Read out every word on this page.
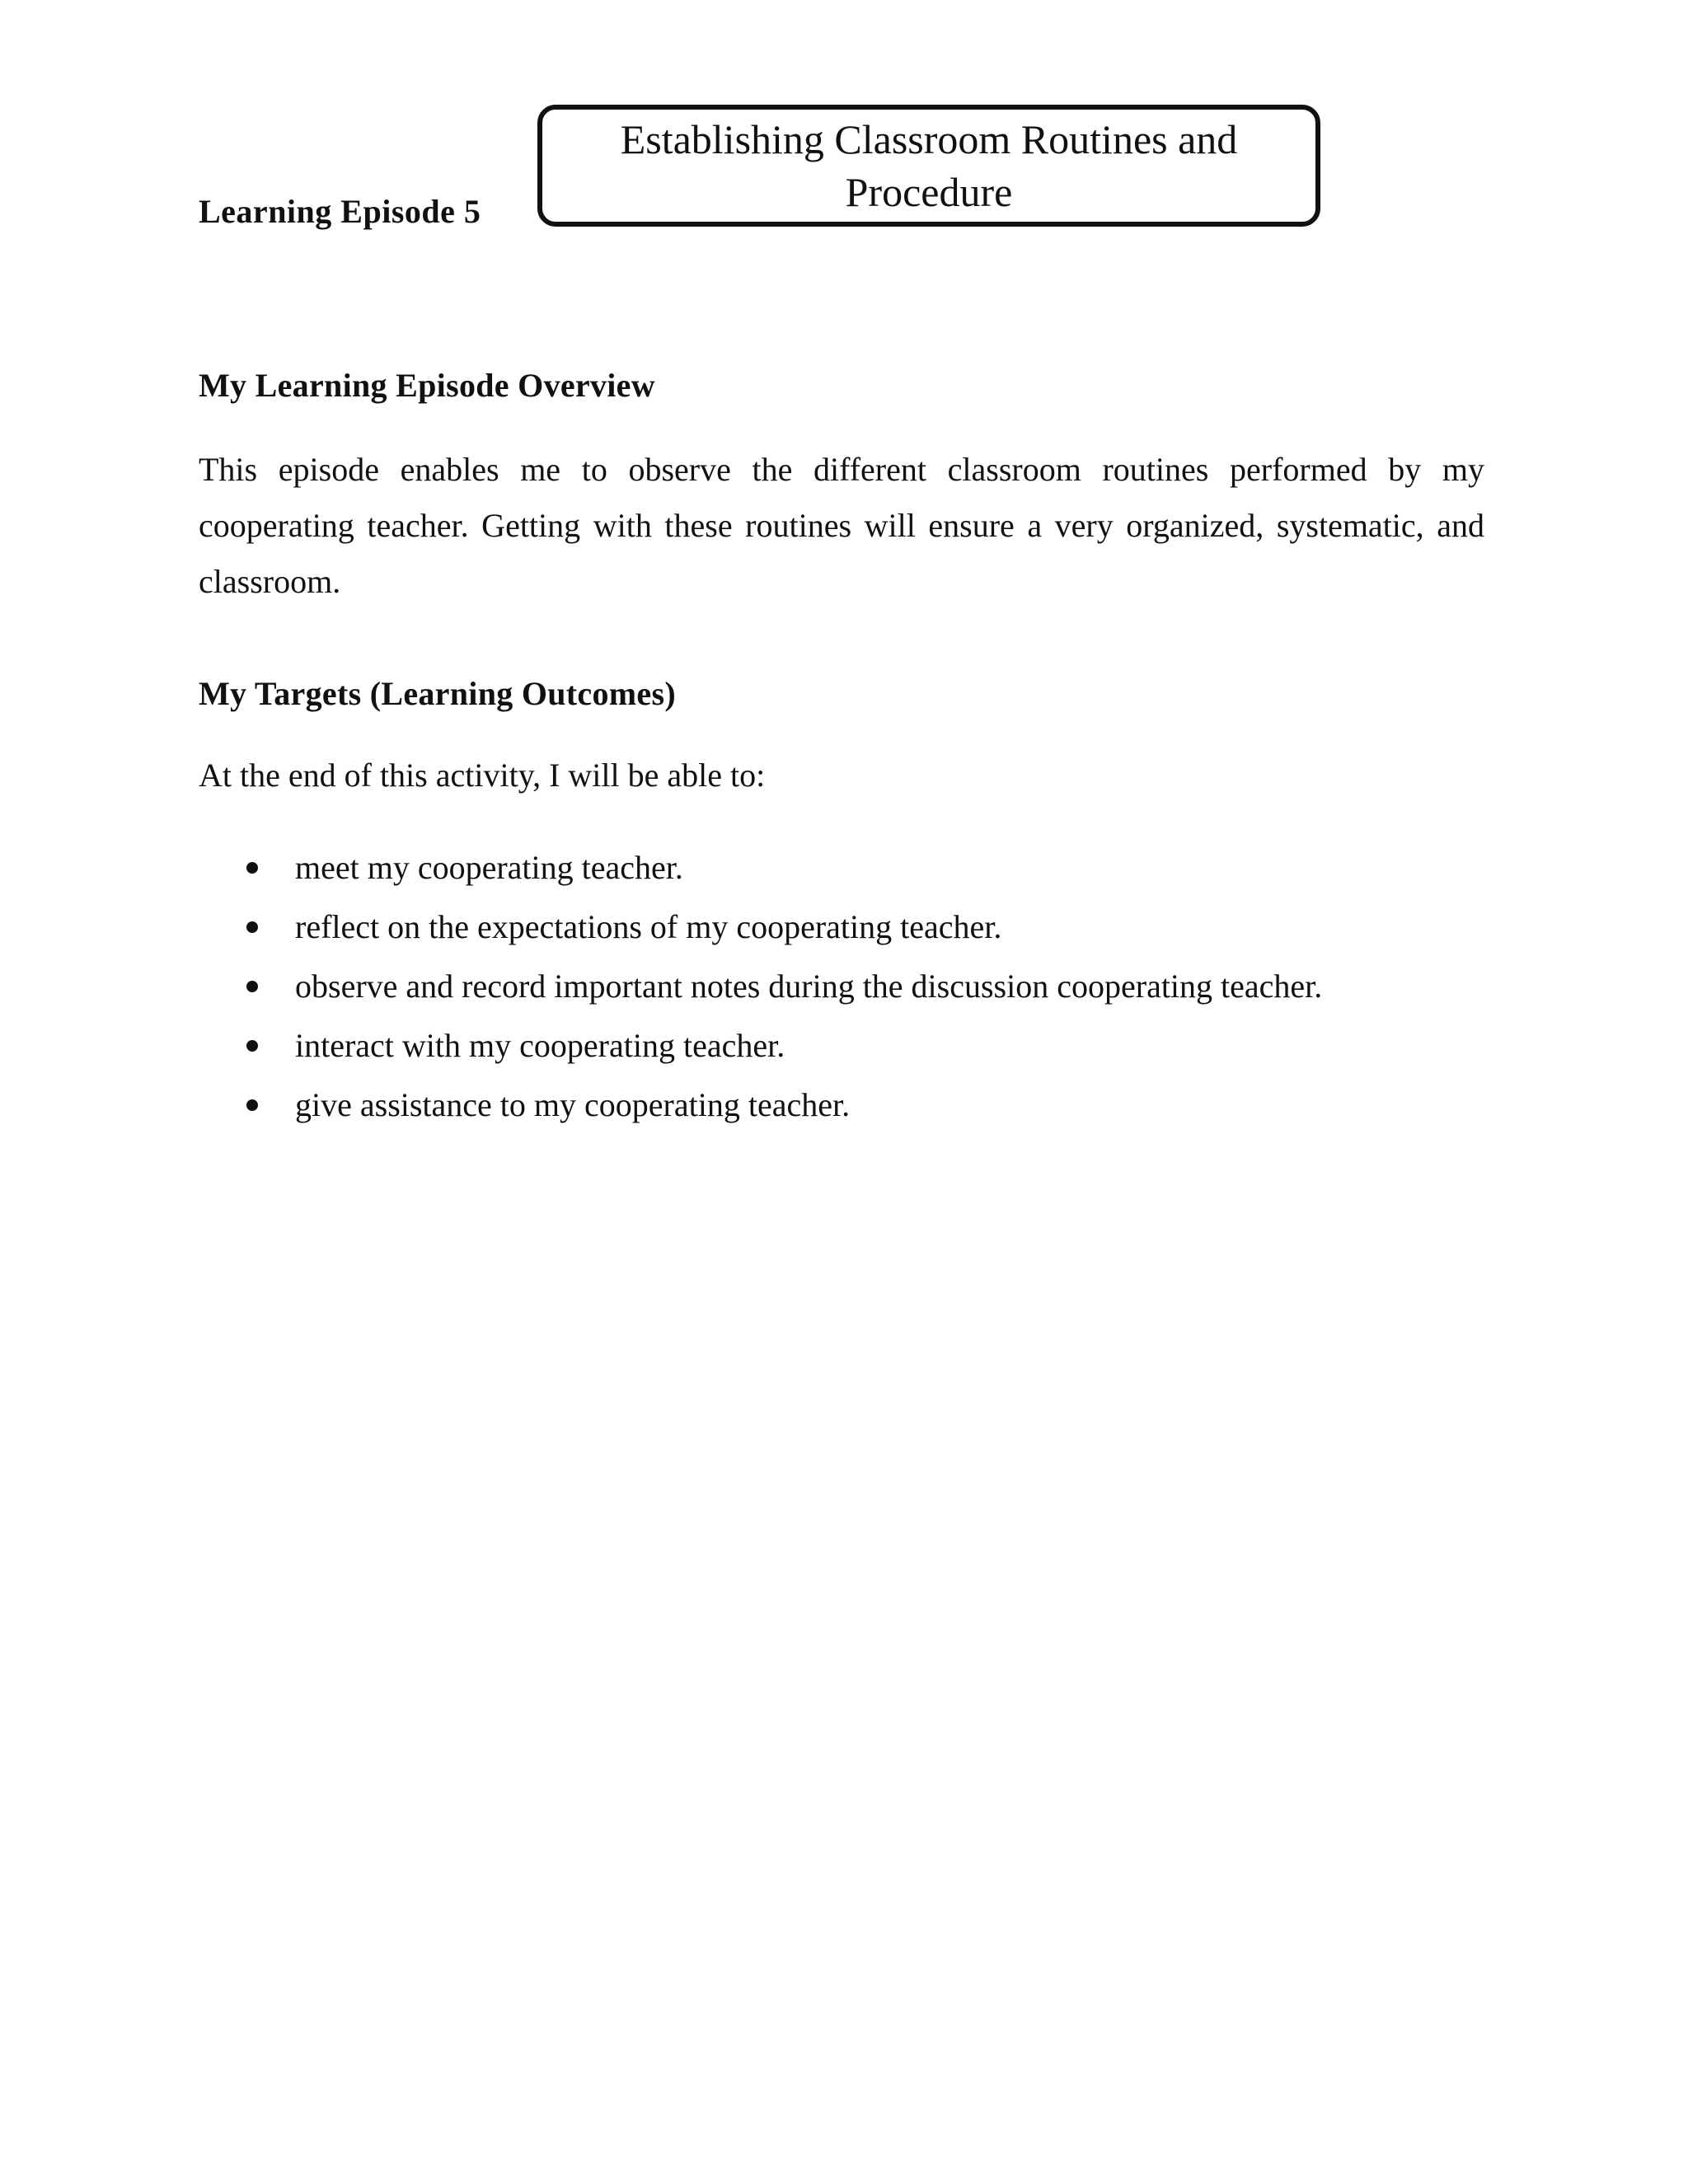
Learning Episode 5
Establishing Classroom Routines and Procedure
My Learning Episode Overview
This episode enables me to observe the different classroom routines performed by my cooperating teacher. Getting with these routines will ensure a very organized, systematic, and classroom.
My Targets (Learning Outcomes)
At the end of this activity, I will be able to:
meet my cooperating teacher.
reflect on the expectations of my cooperating teacher.
observe and record important notes during the discussion cooperating teacher.
interact with my cooperating teacher.
give assistance to my cooperating teacher.
